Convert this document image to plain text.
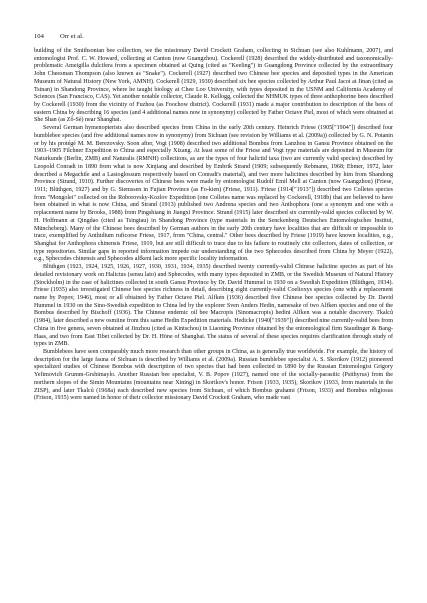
104 Orr et al.

building of the Smithsonian bee collection, we the missionary David Crockett Graham, collecting in Sichuan (see also Kuhlmann, 2007), and entomologist Prof. C. W. Howard, collecting at Canton (now Guangzhou). Cockerell (1928) described the widely-distributed and taxonomically-problematic Ameigilla dulcifera from a specimen obtained at Quing (cited as "Keeling") in Guangdong Province collected by the extraordinary John Cheesman Thompson (also known as "Snake"). Cockerell (1927) described two Chinese bee species and deposited types in the American Museum of Natural History (New York, AMNH). Cockerell (1929, 1930) described six bee species collected by Arthur Paul Jacot at Jinan (cited as Tsinan) in Shandong Province, where he taught biology at Chee Loo University, with types deposited in the USNM and California Academy of Sciences (San Francisco, CAS). Yet another notable collector, Claude R. Kellogg, collected the NHMUK types of three anthophorine bees described by Cockerell (1930) from the vicinity of Fuzhou (as Foochow district). Cockerell (1931) made a major contribution to description of the bees of eastern China by describing 16 species (and 4 additional names now in synonymy) collected by Father Octave Piel, most of which were obtained at She Shan (as Zô-Sè) near Shanghai.

Several German hymenopterists also described species from China in the early 20th century. Heinrich Friese (1905["1904"]) described four bumblebee species (and five additional names now in synonymy) from Sichuan (see revision by Williams et al. (2009a)) collected by G. N. Potanin or by his protégé M. M. Berezovsky. Soon after, Vogt (1908) described two additional Bombus from Lanzhou in Gansu Province obtained on the 1903–1905 Filchner Expedition to China and especially Xizang. At least some of the Friese and Vogt type materials are deposited in Museum für Naturkunde (Berlin, ZMB) and Naturalis (RMNH) collections, as are the types of four halictid taxa (two are currently valid species) described by Leopold Conradt in 1890 from what is now Xinjiang and described by Embrik Strand (1909; subsequently Rebmann, 1968; Ebmer, 1972, later described a Megachile and a Lasioglossum respectively based on Conradt's material), and two more halictines described by him from Shandong Province (Strand, 1910). Further discoveries of Chinese bees were made by entomologist Rudolf Emil Mell at Canton (now Guangzhou) (Friese, 1911; Blüthgen, 1927) and by G. Siemssen in Fujian Province (as Fo-kien) (Friese, 1911). Friese (1914["1913"]) described two Colletes species from "Mongolei" collected on the Roborovsky-Kozlov Expedition (one Colletes name was replaced by Cockerell, 1918b) that are believed to have been obtained in what is now China, and Strand (1913) published two Andrena species and two Anthophora (one a synonym and one with a replacement name by Brooks, 1988) from Pingshiang in Jiangxi Province. Strand (1915) later described six currently-valid species collected by W. H. Hoffmann at Qingdao (cited as Tsingtau) in Shandong Province (type materials in the Senckenberg Deutsches Entomologisches Institut, Müncheberg). Many of the Chinese bees described by German authors in the early 20th century have localities that are difficult or impossible to trace, exemplified by Anthidium ruficorse Friese, 1917, from "China, central." Other bees described by Friese (1919) have known localities, e.g., Shanghai for Anthophora chinensis Friese, 1919, but are still difficult to trace due to his failure to routinely cite collectors, dates of collection, or type repositories. Similar gaps in reported information impede our understanding of the two Sphecodes described from China by Meyer (1922), e.g., Sphecodes chinensis and Sphecodes alfkeni lack more specific locality information.

Blüthgen (1923, 1924, 1925, 1926, 1927, 1930, 1931, 1934, 1935) described twenty currently-valid Chinese halictine species as part of his detailed revisionary work on Halictus (sensu lato) and Sphecodes, with many types deposited in ZMB, or the Swedish Museum of Natural History (Stockholm) in the case of halictines collected in south Gansu Province by Dr. David Hummel in 1930 on a Swedish Expedition (Blüthgen, 1934). Friese (1935) also investigated Chinese bee species richness in detail, describing eight currently-valid Coelioxys species (one with a replacement name by Popov, 1946), most or all obtained by Father Octave Piel. Alfken (1936) described five Chinese bee species collected by Dr. David Hummel in 1930 on the Sino-Swedish expedition to China led by the explorer Sven Anders Hedin, namesake of two Alfken species and one of the Bombus described by Bischoff (1936). The Chinese endemic oil bee Macropis (Sinomacropis) hedini Alfken was a notable discovery. Tkalců (1984), later described a new osmiine from this same Hedin Expedition materials. Hedicke (1940["1939"]) described nine currently-valid bees from China in five genera, seven obtained at Jinzhou (cited as Kintschou) in Liaoning Province obtained by the entomological firm Staudinger & Bang-Haas, and two from East Tibet collected by Dr. H. Höne of Shanghai. The status of several of these species requires clarification through study of types in ZMB.

Bumblebees have seen comparably much more research than other groups in China, as is generally true worldwide. For example, the history of description for the large fauna of Sichuan is described by Williams et al. (2009a). Russian bumblebee specialist A. S. Skorikov (1912) pioneered specialized studies of Chinese Bombus with description of two species that had been collected in 1890 by the Russian Entomologist Grigory Yefimovich Grumm-Grshimaylo. Another Russian bee specialist, V. B. Popov (1927), named one of the socially-parasitic (Psithyrus) from the northern slopes of the Simin Mountains (mountains near Xining) in Skorikov's honor. Frison (1933, 1935), Skorikov (1933, from materials in the ZISP), and later Tkalců (1968a) each described new species from Sichuan, of which Bombus grahami (Frison, 1933) and Bombus religiosus (Frison, 1935) were named in honor of their collector missionary David Crockett Graham, who made vast
